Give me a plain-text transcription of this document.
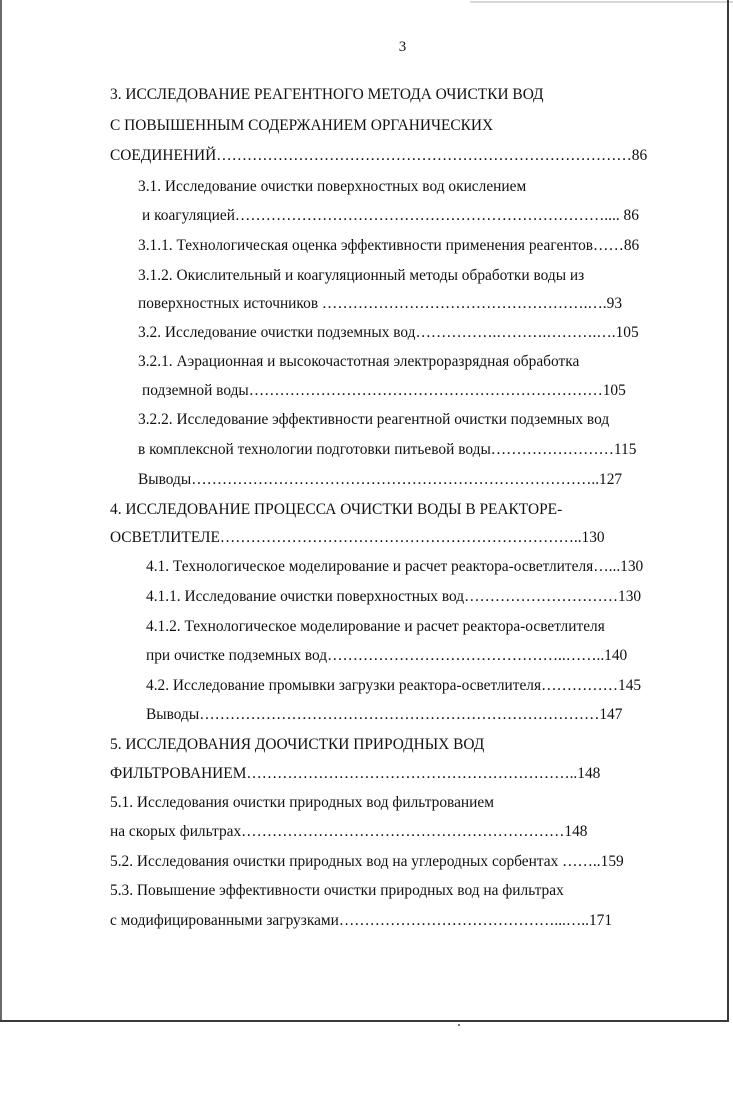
3
3. ИССЛЕДОВАНИЕ РЕАГЕНТНОГО МЕТОДА ОЧИСТКИ ВОД
С ПОВЫШЕННЫМ СОДЕРЖАНИЕМ ОРГАНИЧЕСКИХ
СОЕДИНЕНИЙ………………………………………………………………………86
3.1. Исследование очистки поверхностных вод окислением
и коагуляцией……………………………………………………………….... 86
3.1.1. Технологическая оценка эффективности применения реагентов……86
3.1.2. Окислительный и коагуляционный методы обработки воды из
поверхностных источников …………………………………………….….93
3.2. Исследование очистки подземных вод…………….……….……….….105
3.2.1. Аэрационная и высокочастотная электроразрядная обработка
подземной воды……………………………………………………………105
3.2.2. Исследование эффективности реагентной очистки подземных вод
в комплексной технологии подготовки питьевой воды……………………115
Выводы……………………………………………………………………..127
4. ИССЛЕДОВАНИЕ ПРОЦЕССА ОЧИСТКИ ВОДЫ В РЕАКТОРЕ-
ОСВЕТЛИТЕЛЕ……………………………………………………………..130
4.1. Технологическое моделирование и расчет реактора-осветлителя…...130
4.1.1. Исследование очистки поверхностных вод…………………………130
4.1.2. Технологическое моделирование и расчет реактора-осветлителя
при очистке подземных вод………………………………………..……..140
4.2. Исследование промывки загрузки реактора-осветлителя……………145
Выводы……………………………………………………………………147
5. ИССЛЕДОВАНИЯ ДООЧИСТКИ ПРИРОДНЫХ ВОД
ФИЛЬТРОВАНИЕМ………………………………………………………..148
5.1. Исследования очистки природных вод фильтрованием
на скорых фильтрах………………………………………………………148
5.2. Исследования очистки природных вод на углеродных сорбентах ……..159
5.3. Повышение эффективности очистки природных вод на фильтрах
с модифицированными загрузками……………………………………...…..171
